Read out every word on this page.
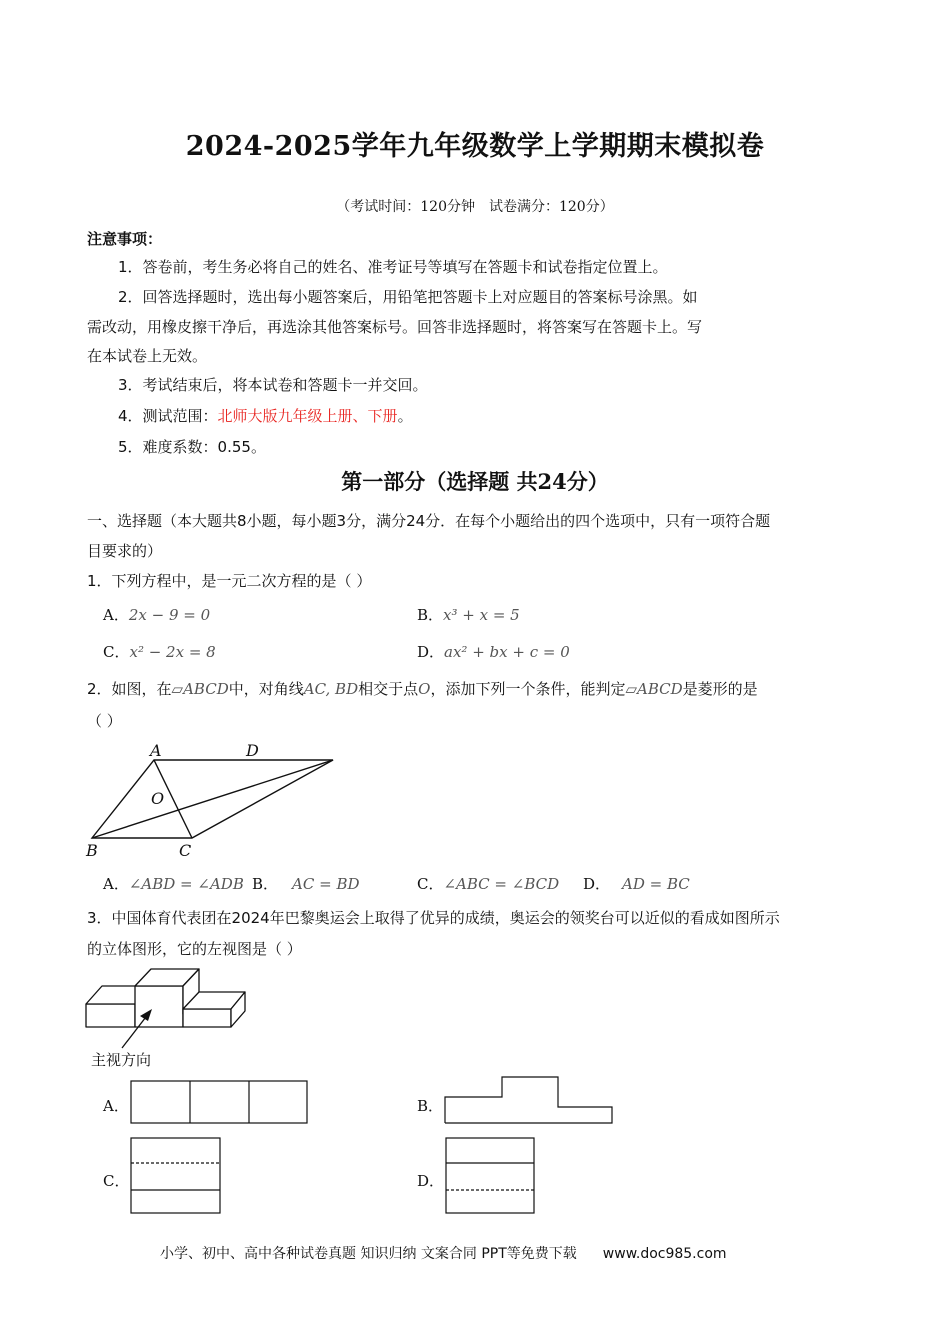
2024-2025学年九年级数学上学期期末模拟卷
（考试时间：120分钟　试卷满分：120分）
注意事项：
1．答卷前，考生务必将自己的姓名、准考证号等填写在答题卡和试卷指定位置上。
2．回答选择题时，选出每小题答案后，用铅笔把答题卡上对应题目的答案标号涂黑。如
需改动，用橡皮擦干净后，再选涂其他答案标号。回答非选择题时，将答案写在答题卡上。写
在本试卷上无效。
3．考试结束后，将本试卷和答题卡一并交回。
4．测试范围：北师大版九年级上册、下册。
5．难度系数：0.55。
第一部分（选择题 共24分）
一、选择题（本大题共8小题，每小题3分，满分24分．在每个小题给出的四个选项中，只有一项符合题
目要求的）
1．下列方程中，是一元二次方程的是（ ）
A．2x − 9 = 0	B．x³ + x = 5
C．x² − 2x = 8	D．ax² + bx + c = 0
2．如图，在▱ABCD中，对角线AC, BD相交于点O，添加下列一个条件，能判定▱ABCD是菱形的是
（ ）
A	D
O
B	C
A．∠ABD = ∠ADB B． AC = BD	C．∠ABC = ∠BCD D． AD = BC
3．中国体育代表团在2024年巴黎奥运会上取得了优异的成绩，奥运会的领奖台可以近似的看成如图所示
的立体图形，它的左视图是（ ）
主视方向
A．	B．
C．	D．
小学、初中、高中各种试卷真题 知识归纳 文案合同 PPT等免费下载 www.doc985.com
